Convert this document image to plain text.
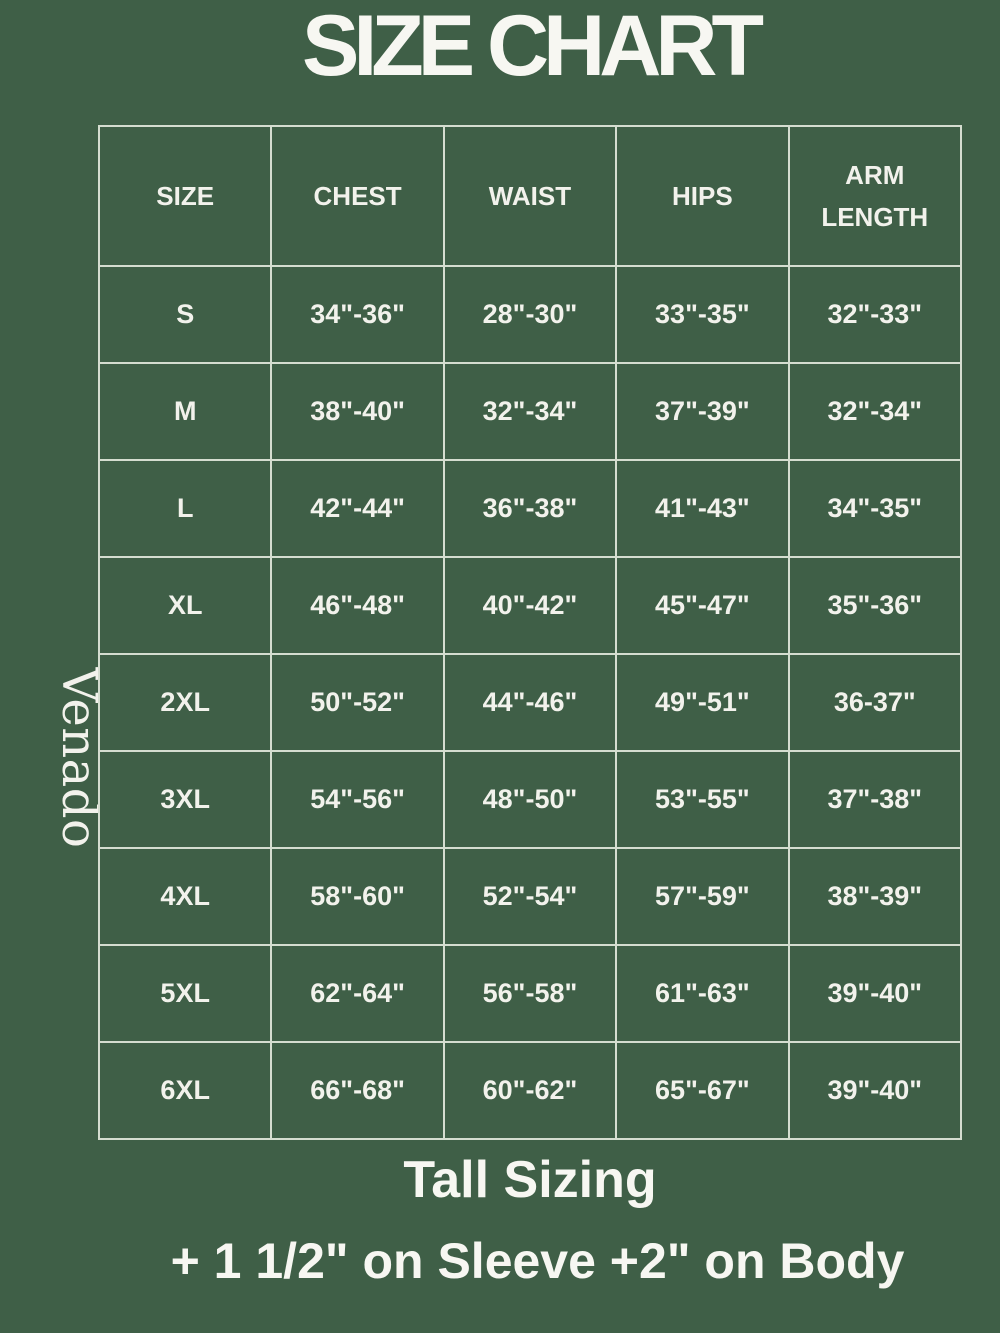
SIZE CHART
Venado
SIZE	CHEST	WAIST	HIPS	ARM LENGTH
S	34"-36"	28"-30"	33"-35"	32"-33"
M	38"-40"	32"-34"	37"-39"	32"-34"
L	42"-44"	36"-38"	41"-43"	34"-35"
XL	46"-48"	40"-42"	45"-47"	35"-36"
2XL	50"-52"	44"-46"	49"-51"	36-37"
3XL	54"-56"	48"-50"	53"-55"	37"-38"
4XL	58"-60"	52"-54"	57"-59"	38"-39"
5XL	62"-64"	56"-58"	61"-63"	39"-40"
6XL	66"-68"	60"-62"	65"-67"	39"-40"
Tall Sizing
+ 1 1/2" on Sleeve +2" on Body
